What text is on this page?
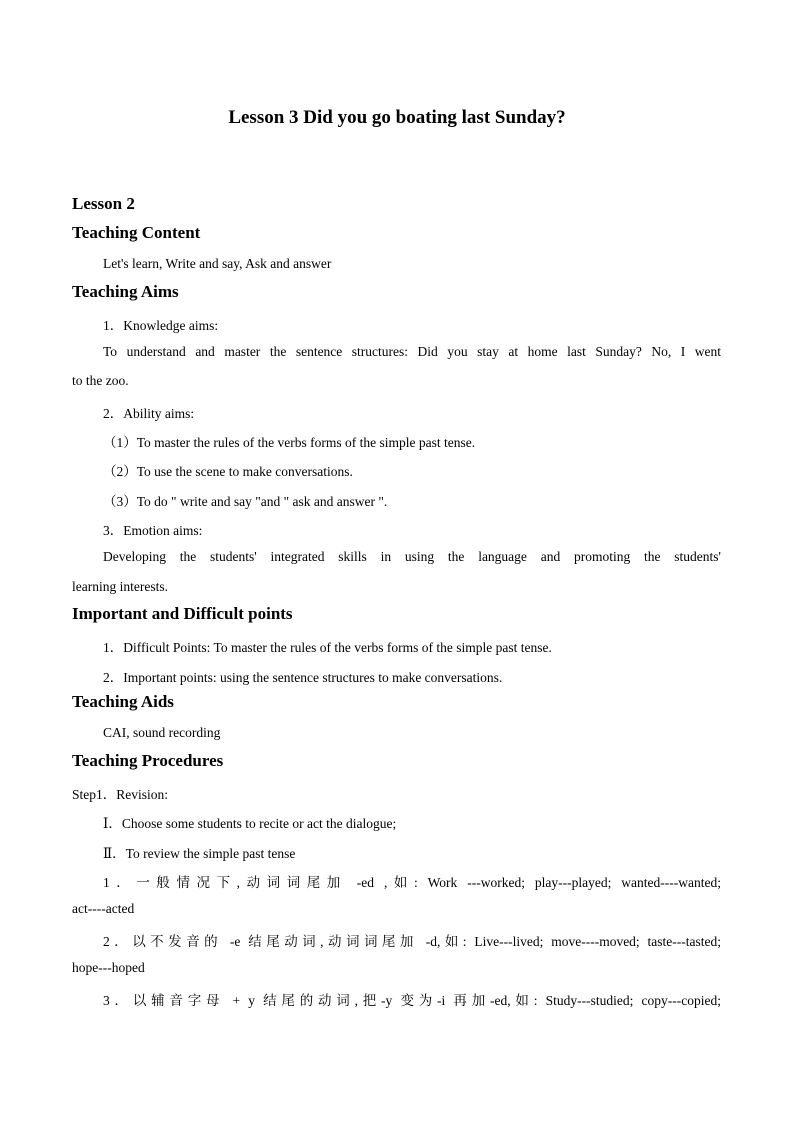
Lesson 3 Did you go boating last Sunday?
Lesson 2
Teaching Content
Let's learn, Write and say, Ask and answer
Teaching Aims
1．Knowledge aims:
To understand and master the sentence structures: Did you stay at home last Sunday? No, I went
to the zoo.
2．Ability aims:
（1）To master the rules of the verbs forms of the simple past tense.
（2）To use the scene to make conversations.
（3）To do " write and say "and " ask and answer ".
3．Emotion aims:
Developing the students' integrated skills in using the language and promoting the students'
learning interests.
Important and Difficult points
1．Difficult Points: To master the rules of the verbs forms of the simple past tense.
2．Important points: using the sentence structures to make conversations.
Teaching Aids
CAI, sound recording
Teaching Procedures
Step1．Revision:
Ⅰ．Choose some students to recite or act the dialogue;
Ⅱ．To review the simple past tense
1．一般情况下,动词词尾加 -ed ,如: Work ---worked; play---played; wanted----wanted;
act----acted
2．以不发音的 -e 结尾动词,动词词尾加 -d,如: Live---lived; move----moved; taste---tasted;
hope---hoped
3．以辅音字母 + y 结尾的动词,把-y 变为-i 再加-ed,如: Study---studied; copy---copied;
